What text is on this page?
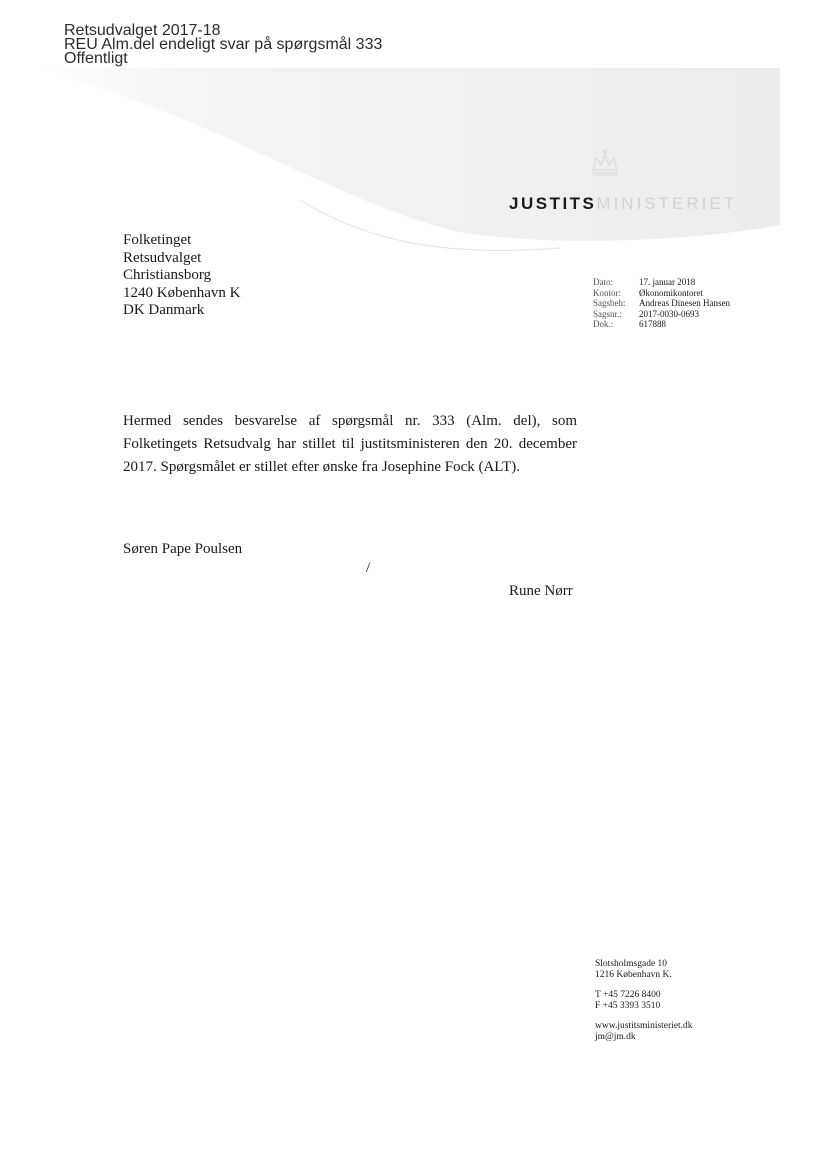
Retsudvalget 2017-18
REU Alm.del endeligt svar på spørgsmål 333
Offentligt
JUSTITSMINISTERIET
Folketinget
Retsudvalget
Christiansborg
1240 København K
DK Danmark
Dato:	17. januar 2018
Kontor:	Økonomikontoret
Sagsbeh:	Andreas Dinesen Hansen
Sagsnr.:	2017-0030-0693
Dok.:	617888
Hermed sendes besvarelse af spørgsmål nr. 333 (Alm. del), som Folketingets Retsudvalg har stillet til justitsministeren den 20. december 2017. Spørgsmålet er stillet efter ønske fra Josephine Fock (ALT).
Søren Pape Poulsen
/
Rune Nørr
Slotsholmsgade 10
1216 København K.
T +45 7226 8400
F +45 3393 3510
www.justitsministeriet.dk
jm@jm.dk
